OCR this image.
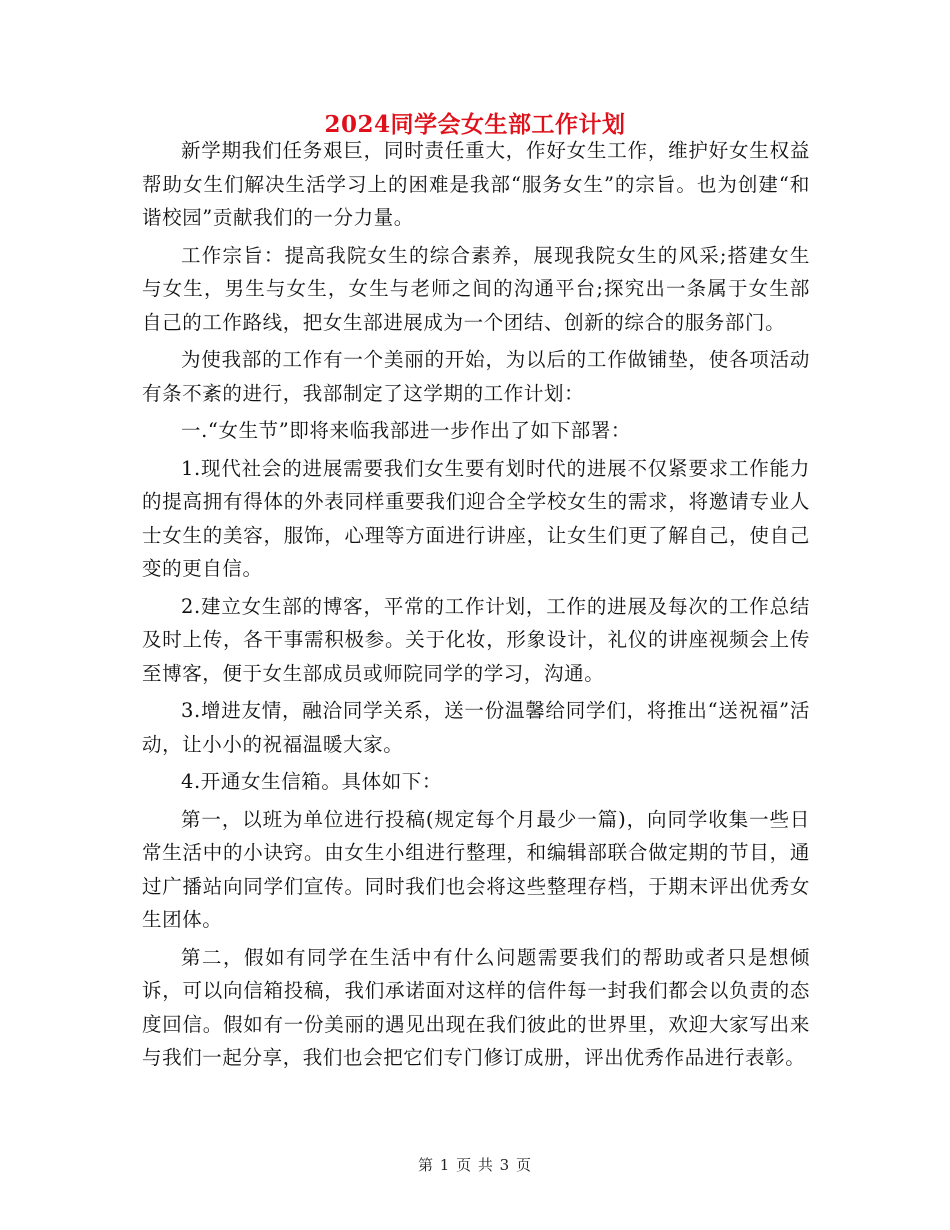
2024同学会女生部工作计划

新学期我们任务艰巨，同时责任重大，作好女生工作，维护好女生权益帮助女生们解决生活学习上的困难是我部“服务女生”的宗旨。也为创建“和谐校园”贡献我们的一分力量。

工作宗旨：提高我院女生的综合素养，展现我院女生的风采;搭建女生与女生，男生与女生，女生与老师之间的沟通平台;探究出一条属于女生部自己的工作路线，把女生部进展成为一个团结、创新的综合的服务部门。

为使我部的工作有一个美丽的开始，为以后的工作做铺垫，使各项活动有条不紊的进行，我部制定了这学期的工作计划：

一.“女生节”即将来临我部进一步作出了如下部署：

1.现代社会的进展需要我们女生要有划时代的进展不仅紧要求工作能力的提高拥有得体的外表同样重要我们迎合全学校女生的需求，将邀请专业人士女生的美容，服饰，心理等方面进行讲座，让女生们更了解自己，使自己变的更自信。

2.建立女生部的博客，平常的工作计划，工作的进展及每次的工作总结及时上传，各干事需积极参。关于化妆，形象设计，礼仪的讲座视频会上传至博客，便于女生部成员或师院同学的学习，沟通。

3.增进友情，融洽同学关系，送一份温馨给同学们，将推出“送祝福”活动，让小小的祝福温暖大家。

4.开通女生信箱。具体如下：

第一，以班为单位进行投稿(规定每个月最少一篇)，向同学收集一些日常生活中的小诀窍。由女生小组进行整理，和编辑部联合做定期的节目，通过广播站向同学们宣传。同时我们也会将这些整理存档，于期末评出优秀女生团体。

第二，假如有同学在生活中有什么问题需要我们的帮助或者只是想倾诉，可以向信箱投稿，我们承诺面对这样的信件每一封我们都会以负责的态度回信。假如有一份美丽的遇见出现在我们彼此的世界里，欢迎大家写出来与我们一起分享，我们也会把它们专门修订成册，评出优秀作品进行表彰。

第 1 页 共 3 页
